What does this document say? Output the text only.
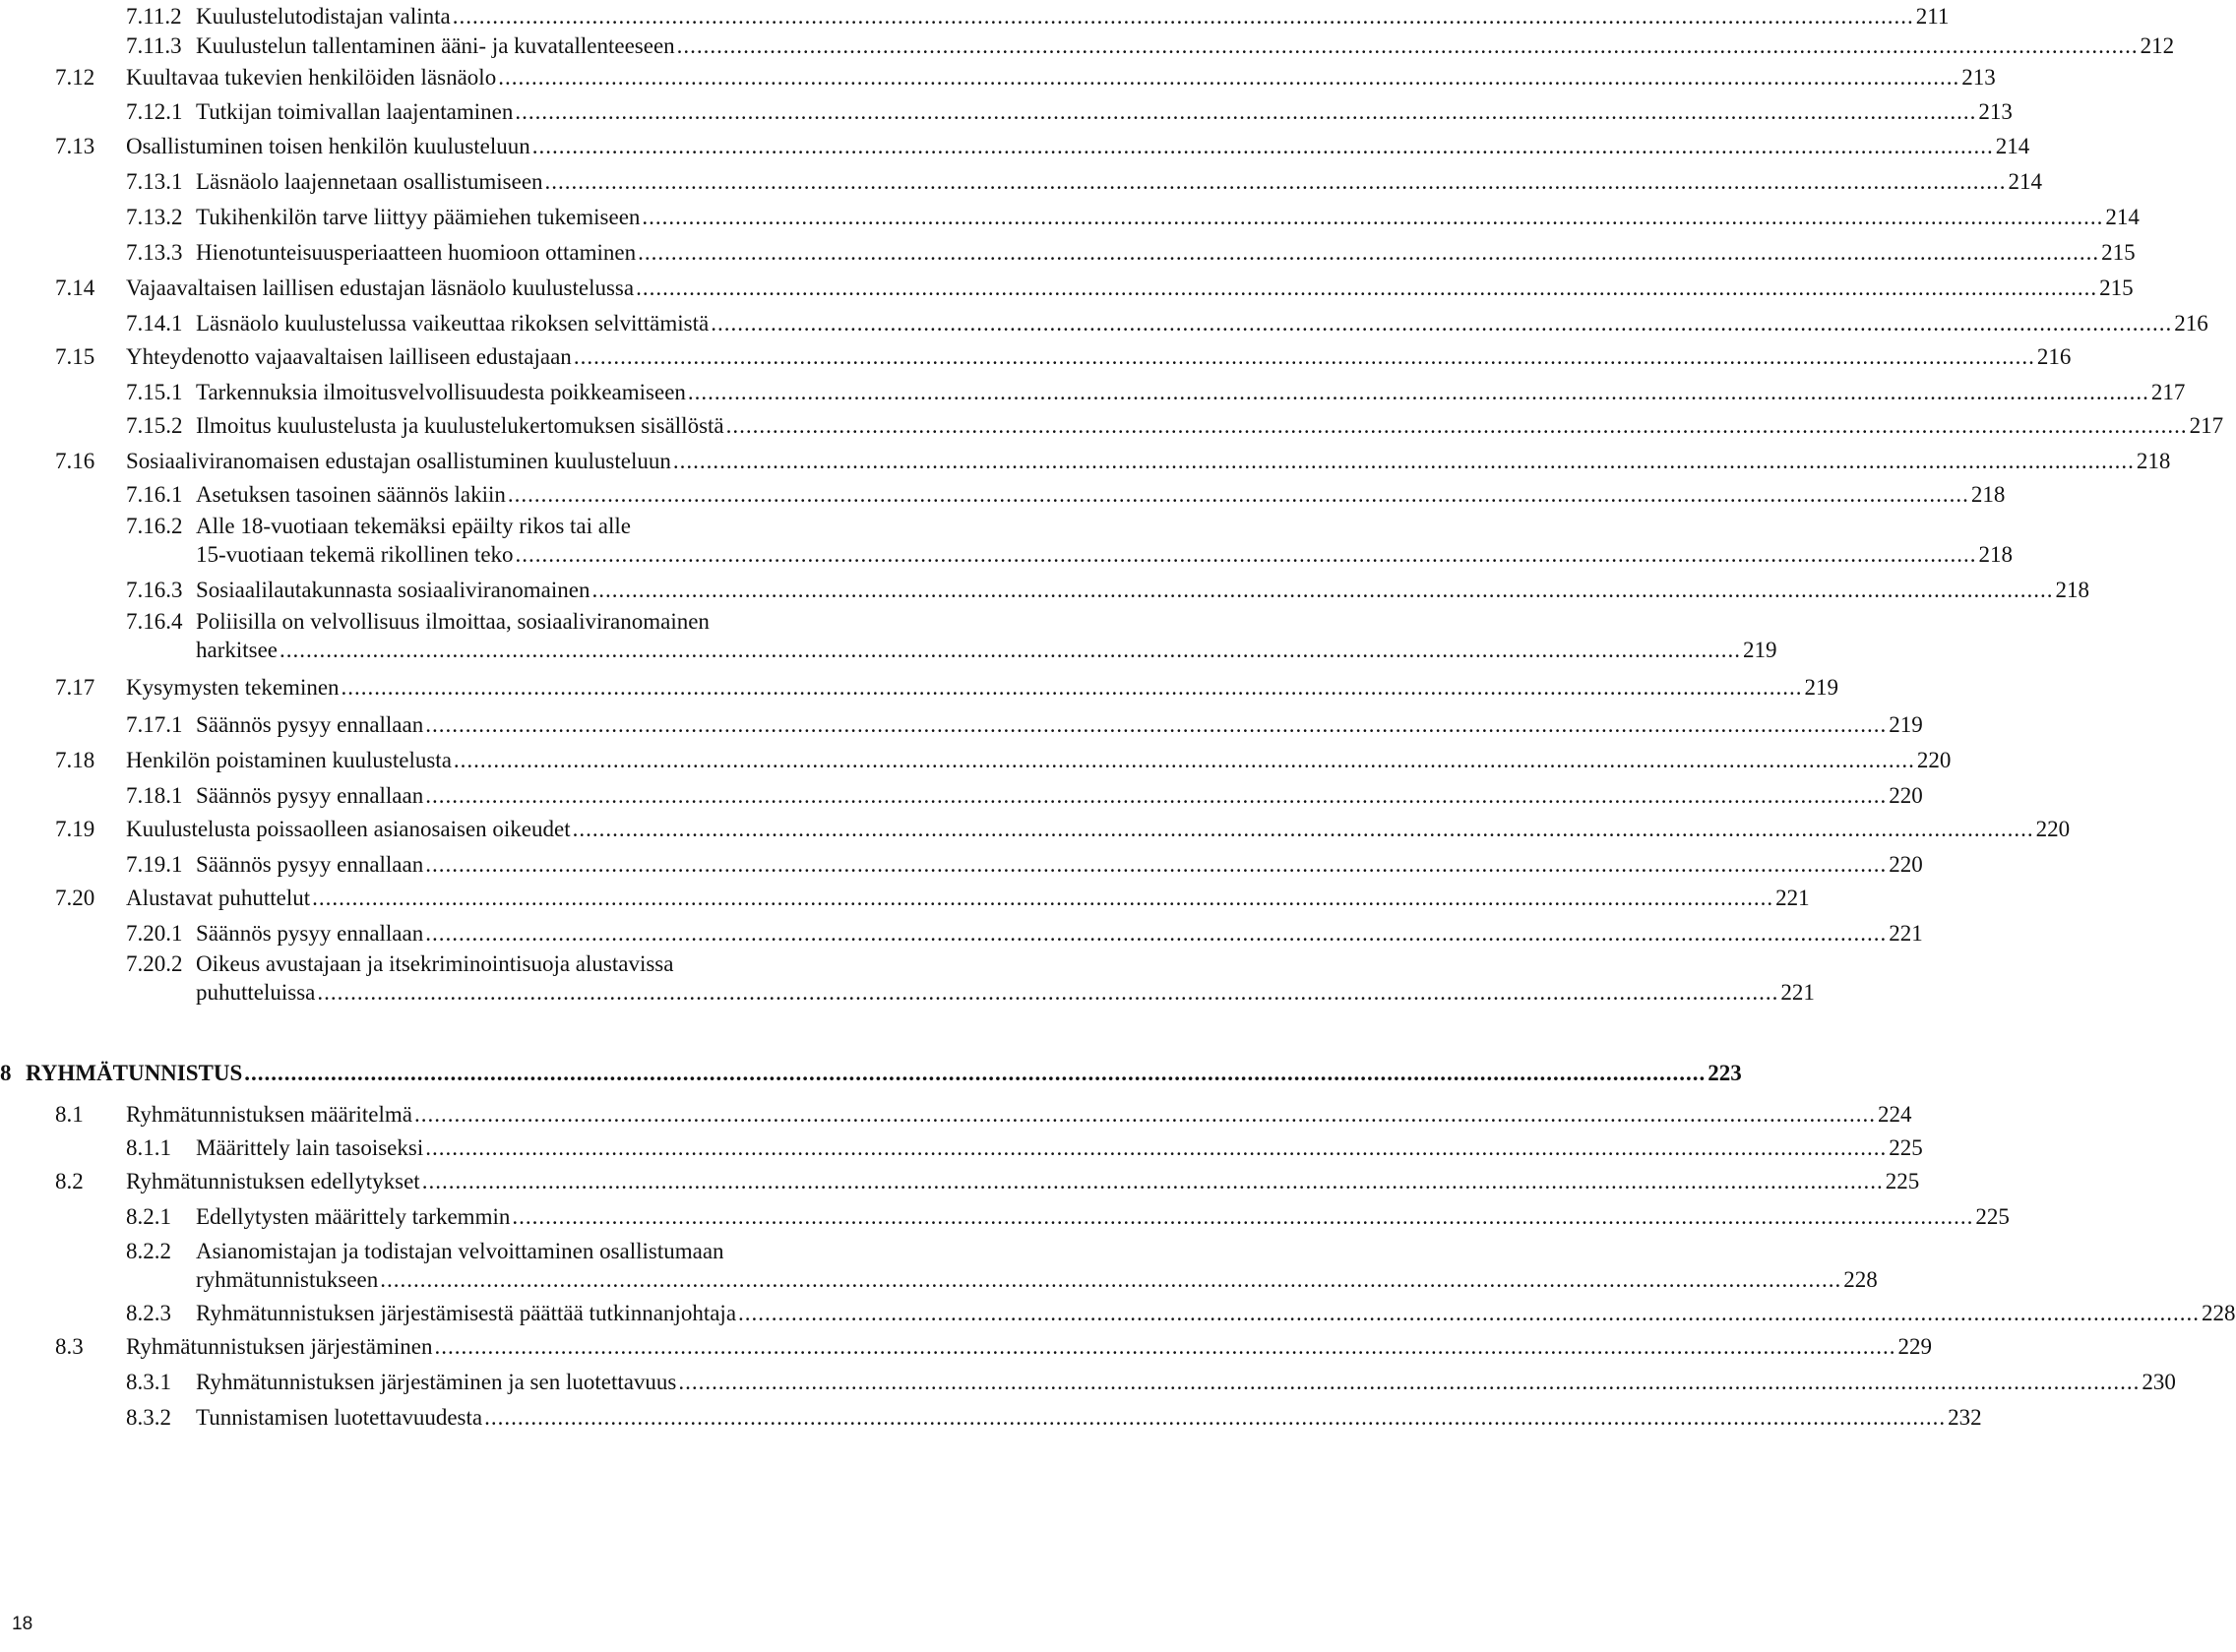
7.11.2 Kuulustelutodistajan valinta ............................................................................................................................................................................................................................ 211
7.11.3 Kuulustelun tallentaminen ääni- ja kuvatallenteeseen ............................................................................................................................................................................................................................ 212
7.12 Kuultavaa tukevien henkilöiden läsnäolo ............................................................................................................................................................................................................................ 213
7.12.1 Tutkijan toimivallan laajentaminen ............................................................................................................................................................................................................................ 213
7.13 Osallistuminen toisen henkilön kuulusteluun ............................................................................................................................................................................................................................ 214
7.13.1 Läsnäolo laajennetaan osallistumiseen ............................................................................................................................................................................................................................ 214
7.13.2 Tukihenkilön tarve liittyy päämiehen tukemiseen ............................................................................................................................................................................................................................ 214
7.13.3 Hienotunteisuusperiaatteen huomioon ottaminen ............................................................................................................................................................................................................................ 215
7.14 Vajaavaltaisen laillisen edustajan läsnäolo kuulustelussa ............................................................................................................................................................................................................................ 215
7.14.1 Läsnäolo kuulustelussa vaikeuttaa rikoksen selvittämistä ............................................................................................................................................................................................................................ 216
7.15 Yhteydenotto vajaavaltaisen lailliseen edustajaan ............................................................................................................................................................................................................................ 216
7.15.1 Tarkennuksia ilmoitusvelvollisuudesta poikkeamiseen ............................................................................................................................................................................................................................ 217
7.15.2 Ilmoitus kuulustelusta ja kuulustelukertomuksen sisällöstä ............................................................................................................................................................................................................................ 217
7.16 Sosiaaliviranomaisen edustajan osallistuminen kuulusteluun ............................................................................................................................................................................................................................ 218
7.16.1 Asetuksen tasoinen säännös lakiin ............................................................................................................................................................................................................................ 218
7.16.2 Alle 18-vuotiaan tekemäksi epäilty rikos tai alle
15-vuotiaan tekemä rikollinen teko ............................................................................................................................................................................................................................ 218
7.16.3 Sosiaalilautakunnasta sosiaaliviranomainen ............................................................................................................................................................................................................................ 218
7.16.4 Poliisilla on velvollisuus ilmoittaa, sosiaaliviranomainen
harkitsee ............................................................................................................................................................................................................................ 219
7.17 Kysymysten tekeminen ............................................................................................................................................................................................................................ 219
7.17.1 Säännös pysyy ennallaan ............................................................................................................................................................................................................................ 219
7.18 Henkilön poistaminen kuulustelusta ............................................................................................................................................................................................................................ 220
7.18.1 Säännös pysyy ennallaan ............................................................................................................................................................................................................................ 220
7.19 Kuulustelusta poissaolleen asianosaisen oikeudet ............................................................................................................................................................................................................................ 220
7.19.1 Säännös pysyy ennallaan ............................................................................................................................................................................................................................ 220
7.20 Alustavat puhuttelut ............................................................................................................................................................................................................................ 221
7.20.1 Säännös pysyy ennallaan ............................................................................................................................................................................................................................ 221
7.20.2 Oikeus avustajaan ja itsekriminointisuoja alustavissa
puhutteluissa ............................................................................................................................................................................................................................ 221
8 RYHMÄTUNNISTUS ............................................................................................................................................................................................................................ 223
8.1 Ryhmätunnistuksen määritelmä ............................................................................................................................................................................................................................ 224
8.1.1 Määrittely lain tasoiseksi ............................................................................................................................................................................................................................ 225
8.2 Ryhmätunnistuksen edellytykset ............................................................................................................................................................................................................................ 225
8.2.1 Edellytysten määrittely tarkemmin ............................................................................................................................................................................................................................ 225
8.2.2 Asianomistajan ja todistajan velvoittaminen osallistumaan
ryhmätunnistukseen ............................................................................................................................................................................................................................ 228
8.2.3 Ryhmätunnistuksen järjestämisestä päättää tutkinnanjohtaja ............................................................................................................................................................................................................................ 228
8.3 Ryhmätunnistuksen järjestäminen ............................................................................................................................................................................................................................ 229
8.3.1 Ryhmätunnistuksen järjestäminen ja sen luotettavuus ............................................................................................................................................................................................................................ 230
8.3.2 Tunnistamisen luotettavuudesta ............................................................................................................................................................................................................................ 232
18
